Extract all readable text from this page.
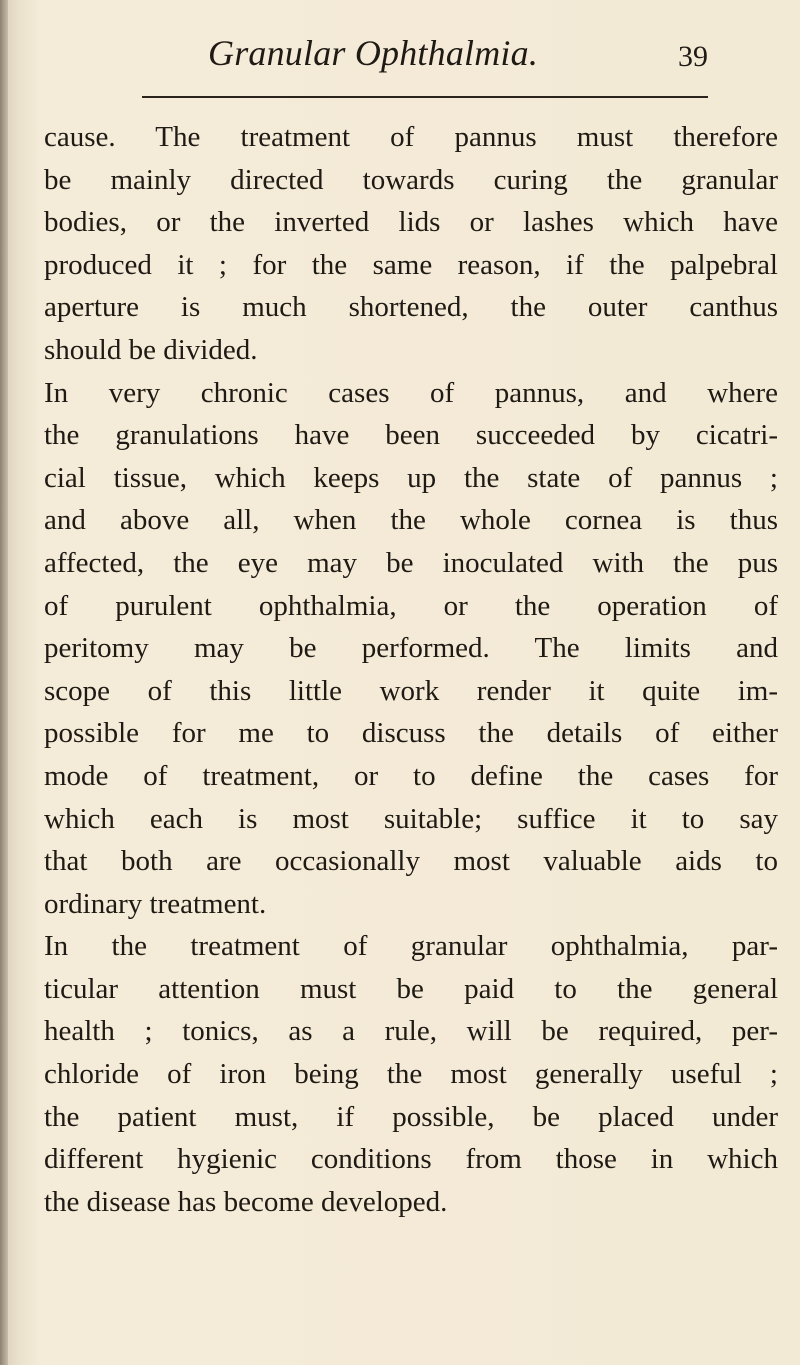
Granular Ophthalmia.	39
cause. The treatment of pannus must therefore
be mainly directed towards curing the granular
bodies, or the inverted lids or lashes which have
produced it ; for the same reason, if the palpebral
aperture is much shortened, the outer canthus
should be divided.
In very chronic cases of pannus, and where
the granulations have been succeeded by cicatri-
cial tissue, which keeps up the state of pannus ;
and above all, when the whole cornea is thus
affected, the eye may be inoculated with the pus
of purulent ophthalmia, or the operation of
peritomy may be performed. The limits and
scope of this little work render it quite im-
possible for me to discuss the details of either
mode of treatment, or to define the cases for
which each is most suitable; suffice it to say
that both are occasionally most valuable aids to
ordinary treatment.
In the treatment of granular ophthalmia, par-
ticular attention must be paid to the general
health ; tonics, as a rule, will be required, per-
chloride of iron being the most generally useful ;
the patient must, if possible, be placed under
different hygienic conditions from those in which
the disease has become developed.
